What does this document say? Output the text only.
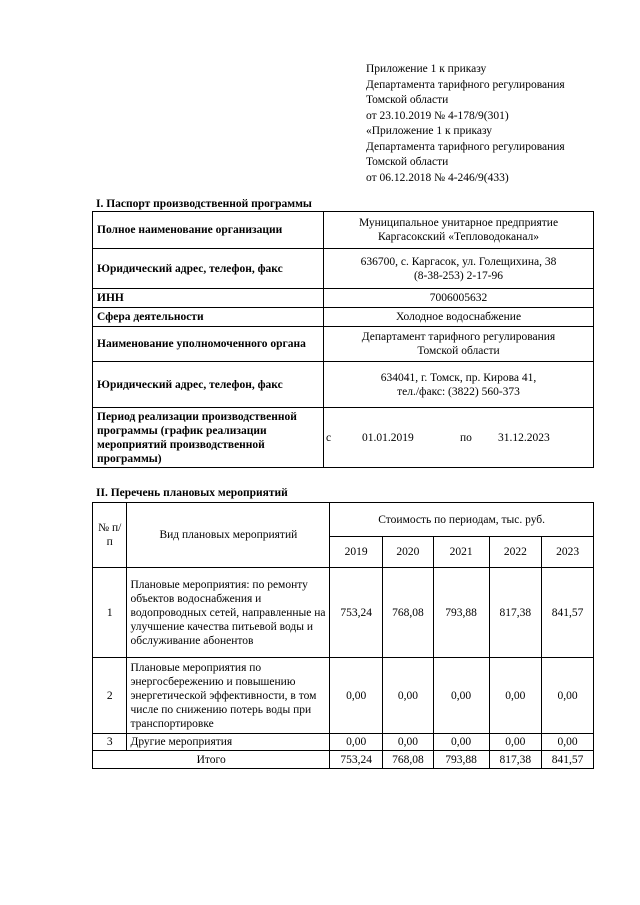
Приложение 1 к приказу
Департамента тарифного регулирования
Томской области
от 23.10.2019 № 4-178/9(301)
«Приложение 1 к приказу
Департамента тарифного регулирования
Томской области
от 06.12.2018 № 4-246/9(433)
I. Паспорт производственной программы
Полное наименование организации	Муниципальное унитарное предприятие
Каргасокский «Тепловодоканал»

Юридический адрес, телефон, факс	636700, с. Каргасок, ул. Голещихина, 38
(8-38-253) 2-17-96

ИНН	7006005632

Сфера деятельности	Холодное водоснабжение

Наименование уполномоченного органа	Департамент тарифного регулирования
Томской области

Юридический адрес, телефон, факс	634041, г. Томск, пр. Кирова 41,
тел./факс: (3822) 560-373

Период реализации производственной программы (график реализации мероприятий производственной программы)	с 01.01.2019 по 31.12.2023
II. Перечень плановых мероприятий
№ п/п	Вид плановых мероприятий	Стоимость по периодам, тыс. руб.				
		2019	2020	2021	2022	2023
1	Плановые мероприятия: по ремонту объектов водоснабжения и водопроводных сетей, направленные на улучшение качества питьевой воды и обслуживание абонентов	753,24	768,08	793,88	817,38	841,57
2	Плановые мероприятия по энергосбережению и повышению энергетической эффективности, в том числе по снижению потерь воды при транспортировке	0,00	0,00	0,00	0,00	0,00
3	Другие мероприятия	0,00	0,00	0,00	0,00	0,00
Итого		753,24	768,08	793,88	817,38	841,57
